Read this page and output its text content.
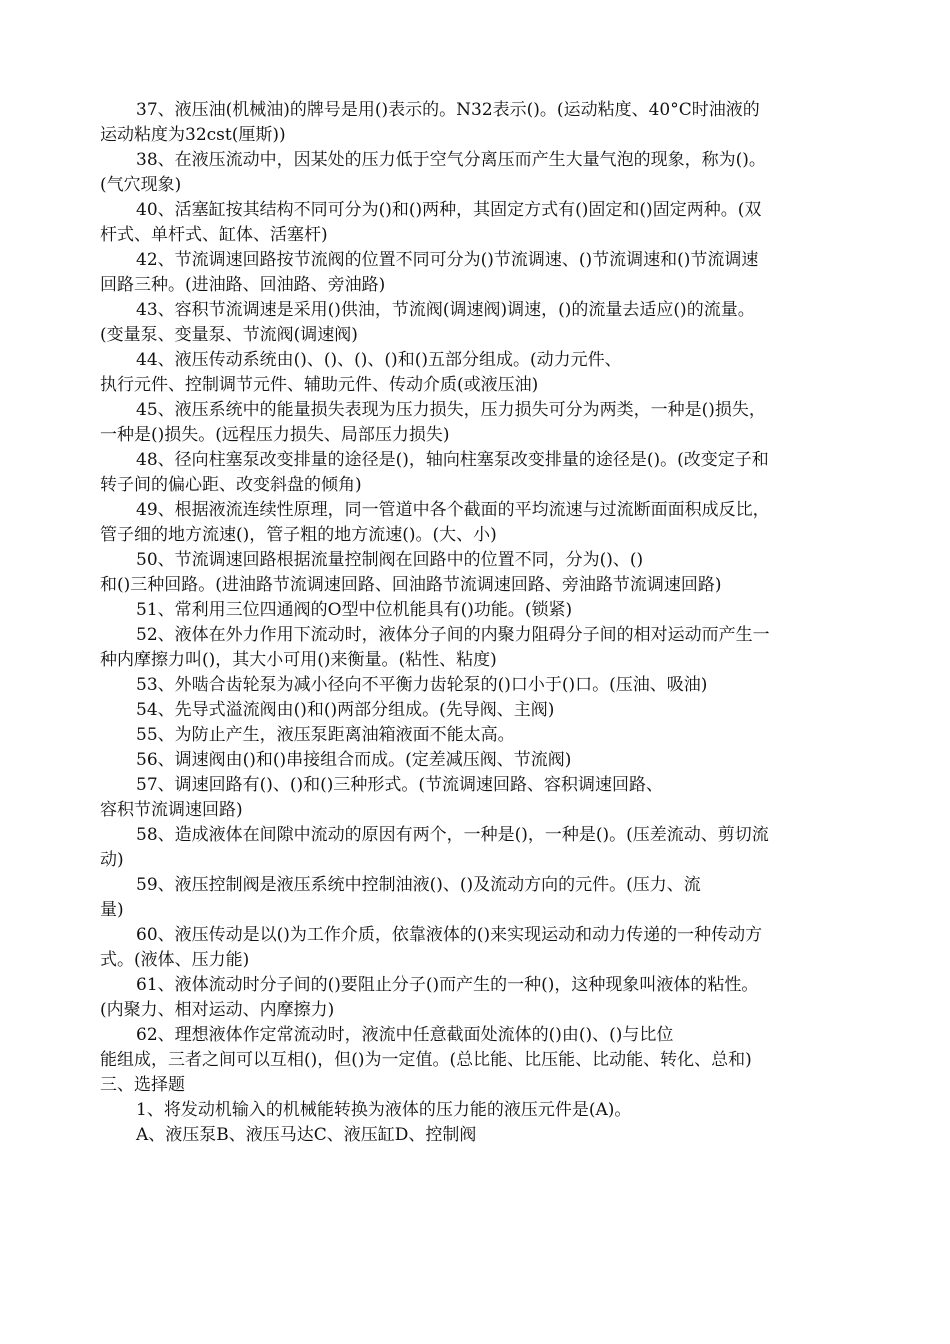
37、液压油(机械油)的牌号是用()表示的。N32表示()。(运动粘度、40°C时油液的
运动粘度为32cst(厘斯))
38、在液压流动中，因某处的压力低于空气分离压而产生大量气泡的现象，称为()。
(气穴现象)
40、活塞缸按其结构不同可分为()和()两种，其固定方式有()固定和()固定两种。(双
杆式、单杆式、缸体、活塞杆)
42、节流调速回路按节流阀的位置不同可分为()节流调速、()节流调速和()节流调速
回路三种。(进油路、回油路、旁油路)
43、容积节流调速是采用()供油，节流阀(调速阀)调速，()的流量去适应()的流量。
(变量泵、变量泵、节流阀(调速阀)
44、液压传动系统由()、()、()、()和()五部分组成。(动力元件、
执行元件、控制调节元件、辅助元件、传动介质(或液压油)
45、液压系统中的能量损失表现为压力损失，压力损失可分为两类，一种是()损失，
一种是()损失。(远程压力损失、局部压力损失)
48、径向柱塞泵改变排量的途径是()，轴向柱塞泵改变排量的途径是()。(改变定子和
转子间的偏心距、改变斜盘的倾角)
49、根据液流连续性原理，同一管道中各个截面的平均流速与过流断面面积成反比，
管子细的地方流速()，管子粗的地方流速()。(大、小)
50、节流调速回路根据流量控制阀在回路中的位置不同，分为()、()
和()三种回路。(进油路节流调速回路、回油路节流调速回路、旁油路节流调速回路)
51、常利用三位四通阀的O型中位机能具有()功能。(锁紧)
52、液体在外力作用下流动时，液体分子间的内聚力阻碍分子间的相对运动而产生一
种内摩擦力叫()，其大小可用()来衡量。(粘性、粘度)
53、外啮合齿轮泵为减小径向不平衡力齿轮泵的()口小于()口。(压油、吸油)
54、先导式溢流阀由()和()两部分组成。(先导阀、主阀)
55、为防止产生，液压泵距离油箱液面不能太高。
56、调速阀由()和()串接组合而成。(定差减压阀、节流阀)
57、调速回路有()、()和()三种形式。(节流调速回路、容积调速回路、
容积节流调速回路)
58、造成液体在间隙中流动的原因有两个，一种是()，一种是()。(压差流动、剪切流
动)
59、液压控制阀是液压系统中控制油液()、()及流动方向的元件。(压力、流
量)
60、液压传动是以()为工作介质，依靠液体的()来实现运动和动力传递的一种传动方
式。(液体、压力能)
61、液体流动时分子间的()要阻止分子()而产生的一种()，这种现象叫液体的粘性。
(内聚力、相对运动、内摩擦力)
62、理想液体作定常流动时，液流中任意截面处流体的()由()、()与比位
能组成，三者之间可以互相()，但()为一定值。(总比能、比压能、比动能、转化、总和)

三、选择题

1、将发动机输入的机械能转换为液体的压力能的液压元件是(A)。
A、液压泵B、液压马达C、液压缸D、控制阀
